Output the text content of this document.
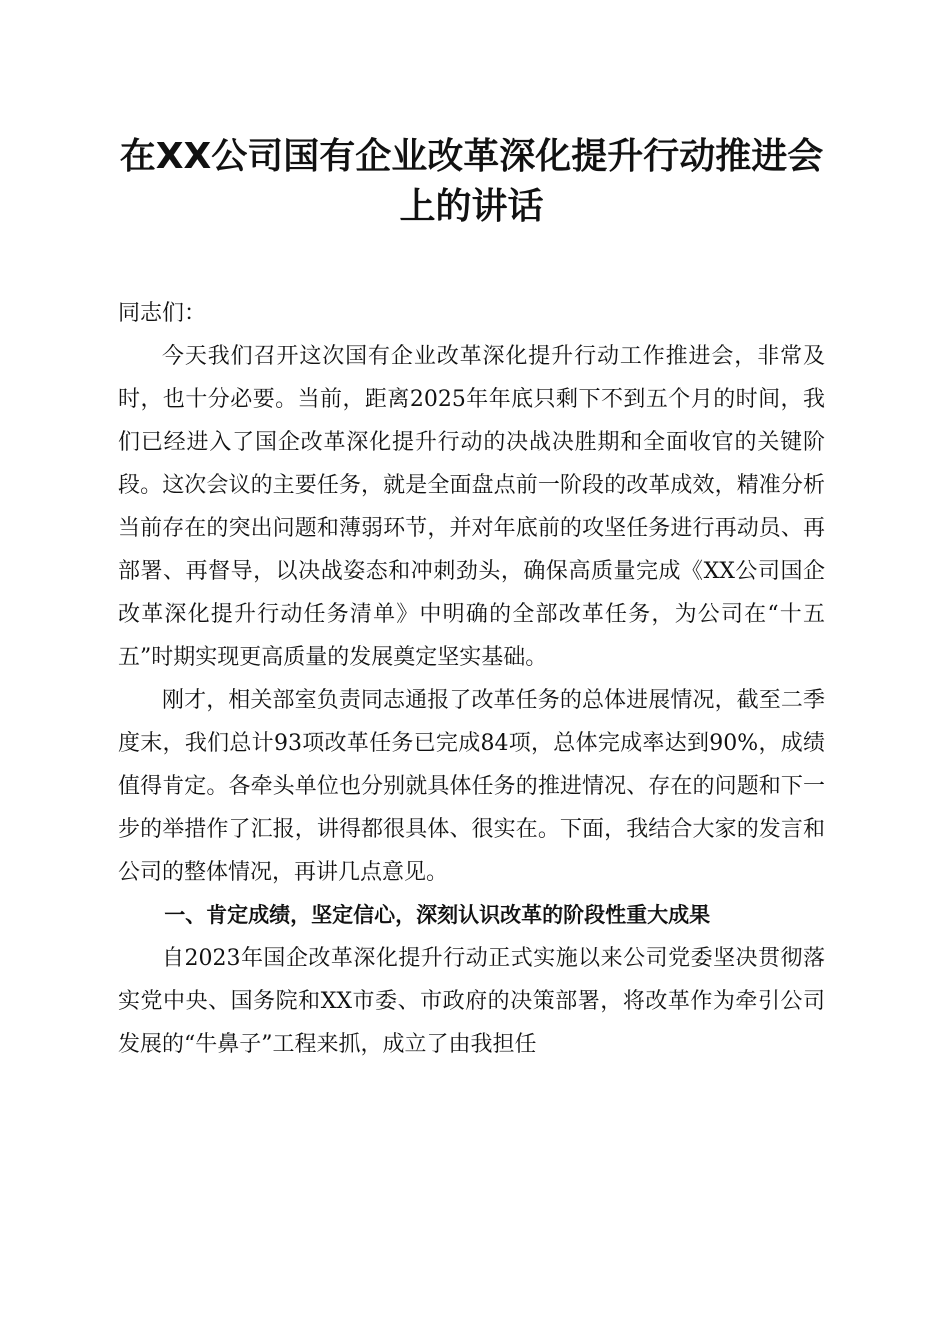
在XX公司国有企业改革深化提升行动推进会上的讲话

同志们：

今天我们召开这次国有企业改革深化提升行动工作推进会，非常及时，也十分必要。当前，距离2025年年底只剩下不到五个月的时间，我们已经进入了国企改革深化提升行动的决战决胜期和全面收官的关键阶段。这次会议的主要任务，就是全面盘点前一阶段的改革成效，精准分析当前存在的突出问题和薄弱环节，并对年底前的攻坚任务进行再动员、再部署、再督导，以决战姿态和冲刺劲头，确保高质量完成《XX公司国企改革深化提升行动任务清单》中明确的全部改革任务，为公司在“十五五”时期实现更高质量的发展奠定坚实基础。

刚才，相关部室负责同志通报了改革任务的总体进展情况，截至二季度末，我们总计93项改革任务已完成84项，总体完成率达到90%，成绩值得肯定。各牵头单位也分别就具体任务的推进情况、存在的问题和下一步的举措作了汇报，讲得都很具体、很实在。下面，我结合大家的发言和公司的整体情况，再讲几点意见。

一、肯定成绩，坚定信心，深刻认识改革的阶段性重大成果

自2023年国企改革深化提升行动正式实施以来公司党委坚决贯彻落实党中央、国务院和XX市委、市政府的决策部署，将改革作为牵引公司发展的“牛鼻子”工程来抓，成立了由我担任
